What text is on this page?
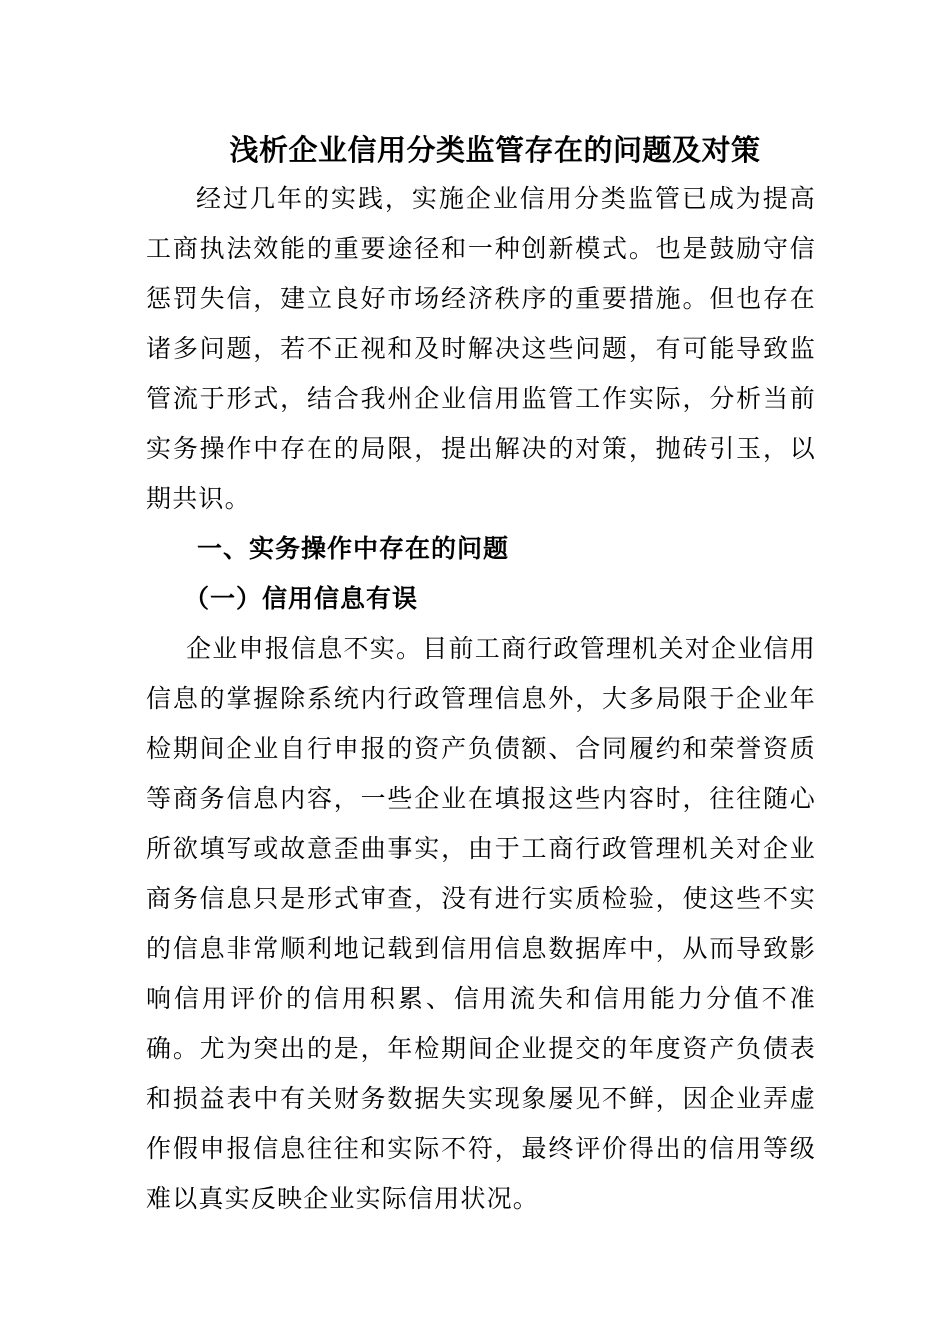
浅析企业信用分类监管存在的问题及对策

经过几年的实践，实施企业信用分类监管已成为提高工商执法效能的重要途径和一种创新模式。也是鼓励守信惩罚失信，建立良好市场经济秩序的重要措施。但也存在诸多问题，若不正视和及时解决这些问题，有可能导致监管流于形式，结合我州企业信用监管工作实际，分析当前实务操作中存在的局限，提出解决的对策，抛砖引玉，以期共识。

一、实务操作中存在的问题
（一）信用信息有误

企业申报信息不实。目前工商行政管理机关对企业信用信息的掌握除系统内行政管理信息外，大多局限于企业年检期间企业自行申报的资产负债额、合同履约和荣誉资质等商务信息内容，一些企业在填报这些内容时，往往随心所欲填写或故意歪曲事实，由于工商行政管理机关对企业商务信息只是形式审查，没有进行实质检验，使这些不实的信息非常顺利地记载到信用信息数据库中，从而导致影响信用评价的信用积累、信用流失和信用能力分值不准确。尤为突出的是，年检期间企业提交的年度资产负债表和损益表中有关财务数据失实现象屡见不鲜，因企业弄虚作假申报信息往往和实际不符，最终评价得出的信用等级难以真实反映企业实际信用状况。
